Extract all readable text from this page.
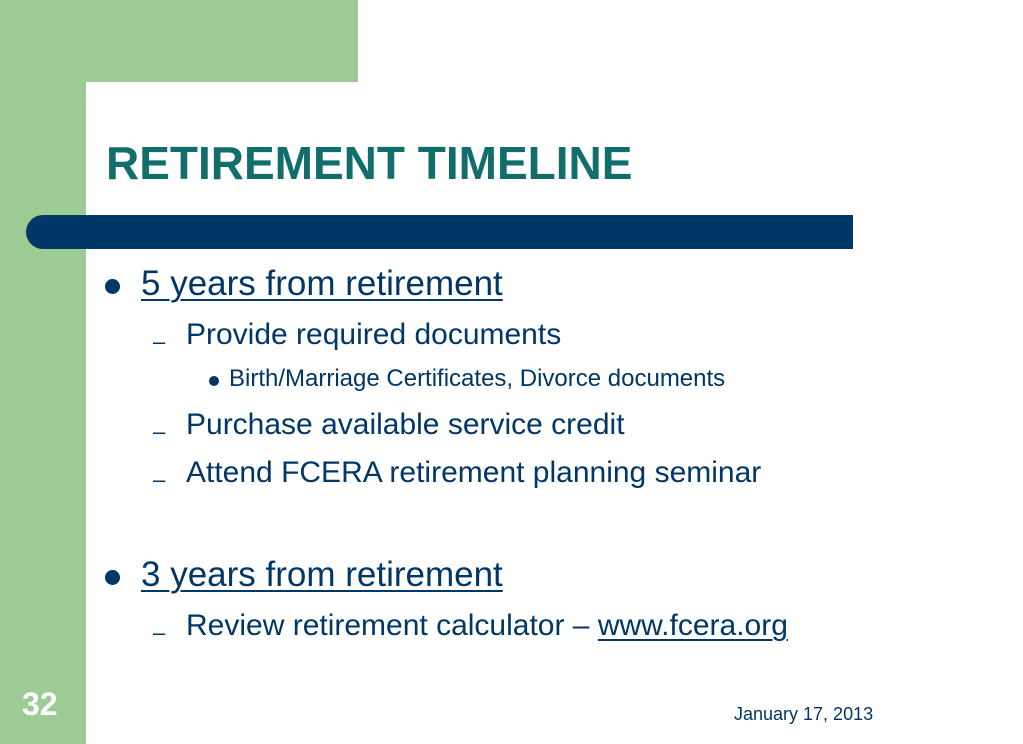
RETIREMENT TIMELINE
5 years from retirement
– Provide required documents
Birth/Marriage Certificates, Divorce documents
– Purchase available service credit
– Attend FCERA retirement planning seminar
3 years from retirement
– Review retirement calculator – www.fcera.org
32	January 17, 2013
